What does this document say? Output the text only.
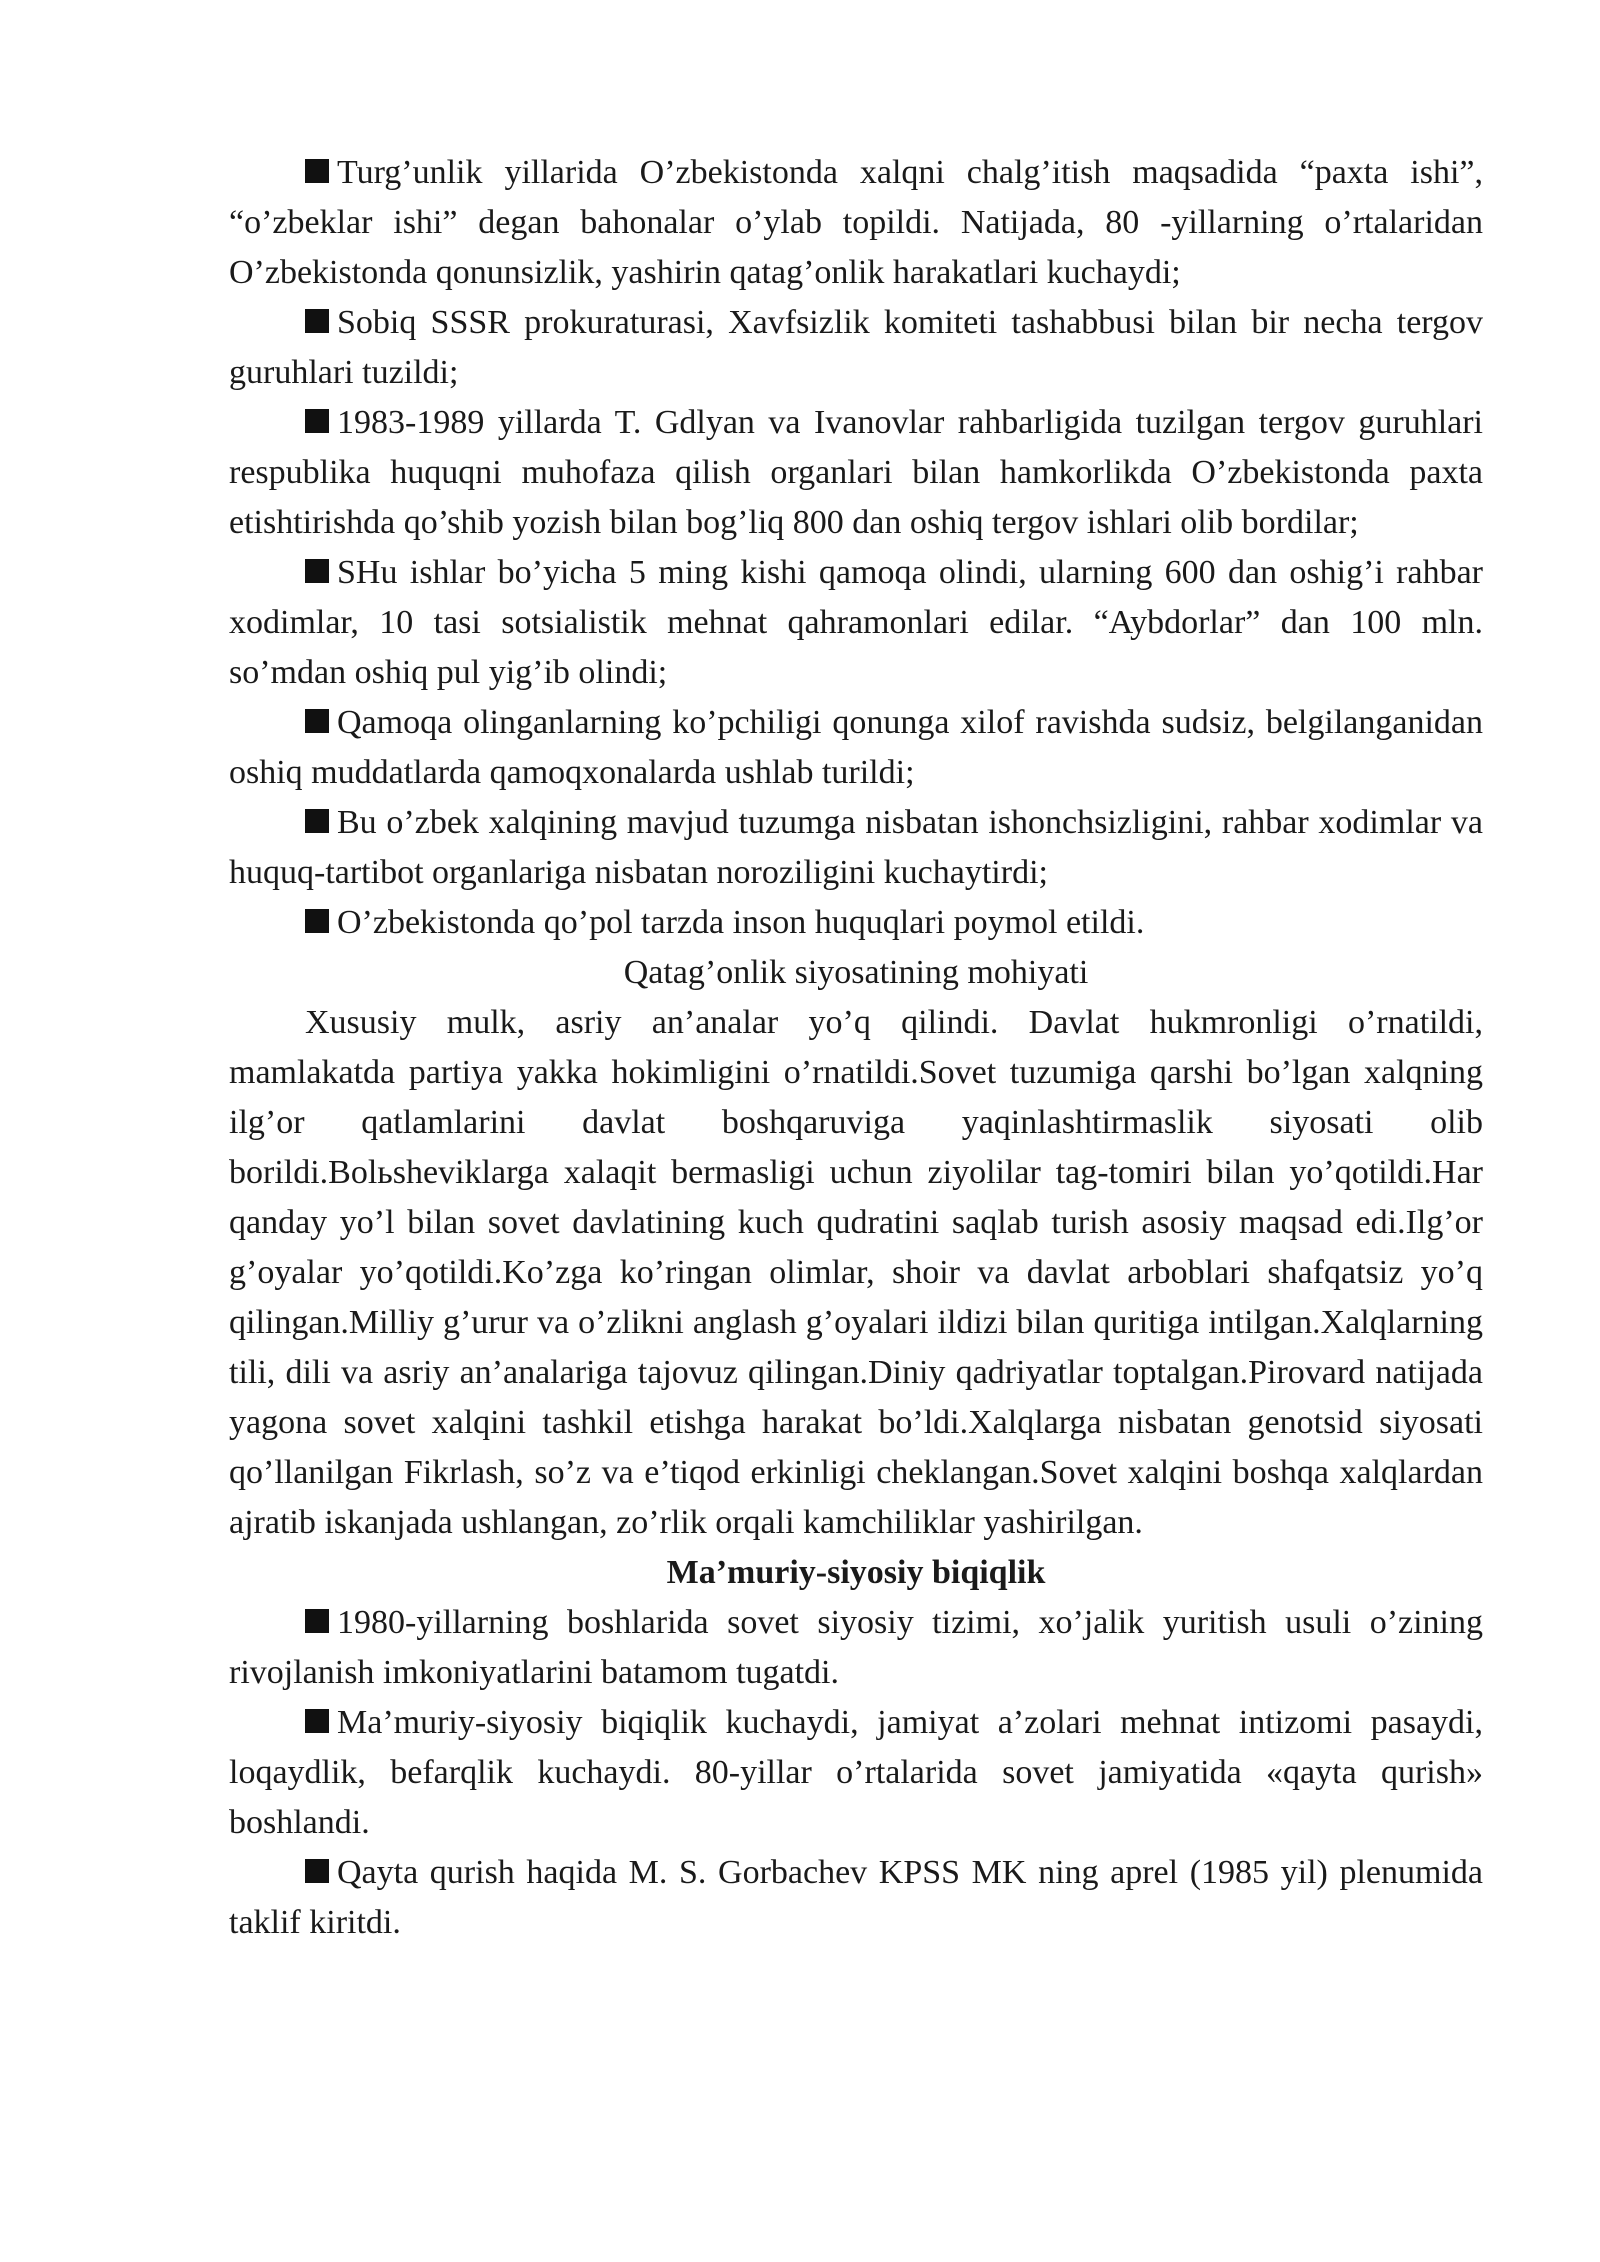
Turg’unlik yillarida O’zbekistonda xalqni chalg’itish maqsadida “paxta ishi”, “o’zbeklar ishi” degan bahonalar o’ylab topildi. Natijada, 80 -yillarning o’rtalaridan O’zbekistonda qonunsizlik, yashirin qatag’onlik harakatlari kuchaydi;

Sobiq SSSR prokuraturasi, Xavfsizlik komiteti tashabbusi bilan bir necha tergov guruhlari tuzildi;

1983-1989 yillarda T. Gdlyan va Ivanovlar rahbarligida tuzilgan tergov guruhlari respublika huquqni muhofaza qilish organlari bilan hamkorlikda O’zbekistonda paxta etishtirishda qo’shib yozish bilan bog’liq 800 dan oshiq tergov ishlari olib bordilar;

SHu ishlar bo’yicha 5 ming kishi qamoqa olindi, ularning 600 dan oshig’i rahbar xodimlar, 10 tasi sotsialistik mehnat qahramonlari edilar. “Aybdorlar” dan 100 mln. so’mdan oshiq pul yig’ib olindi;

Qamoqa olinganlarning ko’pchiligi qonunga xilof ravishda sudsiz, belgilanganidan oshiq muddatlarda qamoqxonalarda ushlab turildi;

Bu o’zbek xalqining mavjud tuzumga nisbatan ishonchsizligini, rahbar xodimlar va huquq-tartibot organlariga nisbatan noroziligini kuchaytirdi;

O’zbekistonda qo’pol tarzda inson huquqlari poymol etildi.

Qatag’onlik siyosatining mohiyati

Xususiy mulk, asriy an’analar yo’q qilindi. Davlat hukmronligi o’rnatildi, mamlakatda partiya yakka hokimligini o’rnatildi.Sovet tuzumiga qarshi bo’lgan xalqning ilg’or qatlamlarini davlat boshqaruviga yaqinlashtirmaslik siyosati olib borildi.Bolьsheviklarga xalaqit bermasligi uchun ziyolilar tag-tomiri bilan yo’qotildi.Har qanday yo’l bilan sovet davlatining kuch qudratini saqlab turish asosiy maqsad edi.Ilg’or g’oyalar yo’qotildi.Ko’zga ko’ringan olimlar, shoir va davlat arboblari shafqatsiz yo’q qilingan.Milliy g’urur va o’zlikni anglash g’oyalari ildizi bilan quritiga intilgan.Xalqlarning tili, dili va asriy an’analariga tajovuz qilingan.Diniy qadriyatlar toptalgan.Pirovard natijada yagona sovet xalqini tashkil etishga harakat bo’ldi.Xalqlarga nisbatan genotsid siyosati qo’llanilgan Fikrlash, so’z va e’tiqod erkinligi cheklangan.Sovet xalqini boshqa xalqlardan ajratib iskanjada ushlangan, zo’rlik orqali kamchiliklar yashirilgan.

Ma’muriy-siyosiy biqiqlik

1980-yillarning boshlarida sovet siyosiy tizimi, xo’jalik yuritish usuli o’zining rivojlanish imkoniyatlarini batamom tugatdi.

Ma’muriy-siyosiy biqiqlik kuchaydi, jamiyat a’zolari mehnat intizomi pasaydi, loqaydlik, befarqlik kuchaydi. 80-yillar o’rtalarida sovet jamiyatida «qayta qurish» boshlandi.

Qayta qurish haqida M. S. Gorbachev KPSS MK ning aprel (1985 yil) plenumida taklif kiritdi.
